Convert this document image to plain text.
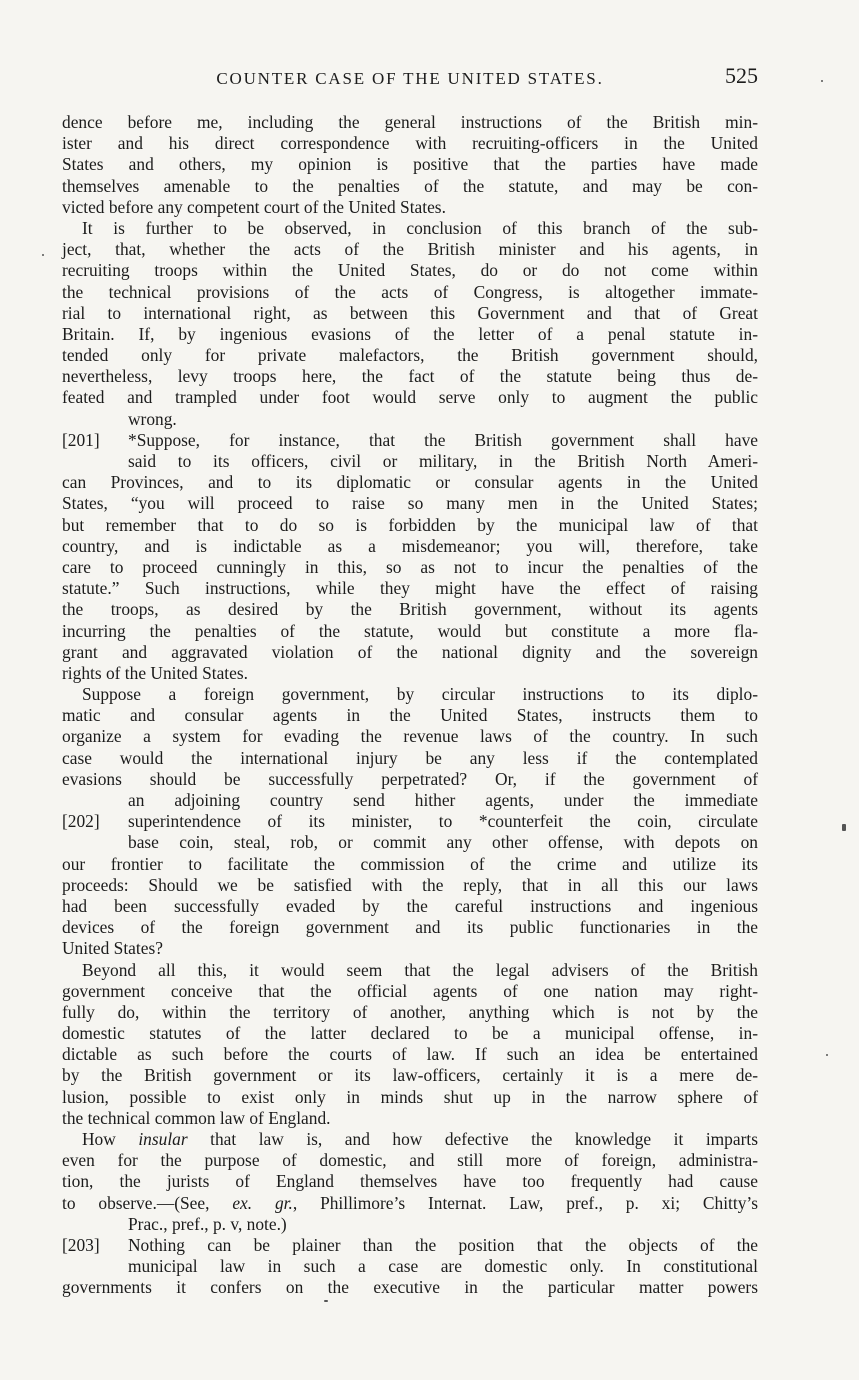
COUNTER CASE OF THE UNITED STATES.	525
dence before me, including the general instructions of the British min-
ister and his direct correspondence with recruiting-officers in the United
States and others, my opinion is positive that the parties have made
themselves amenable to the penalties of the statute, and may be con-
victed before any competent court of the United States.
It is further to be observed, in conclusion of this branch of the sub-
ject, that, whether the acts of the British minister and his agents, in
recruiting troops within the United States, do or do not come within
the technical provisions of the acts of Congress, is altogether immate-
rial to international right, as between this Government and that of Great
Britain. If, by ingenious evasions of the letter of a penal statute in-
tended only for private malefactors, the British government should,
nevertheless, levy troops here, the fact of the statute being thus de-
feated and trampled under foot would serve only to augment the public
wrong.
[201]	*Suppose, for instance, that the British government shall have
said to its officers, civil or military, in the British North Ameri-
can Provinces, and to its diplomatic or consular agents in the United
States, “you will proceed to raise so many men in the United States;
but remember that to do so is forbidden by the municipal law of that
country, and is indictable as a misdemeanor; you will, therefore, take
care to proceed cunningly in this, so as not to incur the penalties of the
statute.” Such instructions, while they might have the effect of raising
the troops, as desired by the British government, without its agents
incurring the penalties of the statute, would but constitute a more fla-
grant and aggravated violation of the national dignity and the sovereign
rights of the United States.
Suppose a foreign government, by circular instructions to its diplo-
matic and consular agents in the United States, instructs them to
organize a system for evading the revenue laws of the country. In such
case would the international injury be any less if the contemplated
evasions should be successfully perpetrated? Or, if the government of
an adjoining country send hither agents, under the immediate
[202]	superintendence of its minister, to *counterfeit the coin, circulate
base coin, steal, rob, or commit any other offense, with depots on
our frontier to facilitate the commission of the crime and utilize its
proceeds: Should we be satisfied with the reply, that in all this our laws
had been successfully evaded by the careful instructions and ingenious
devices of the foreign government and its public functionaries in the
United States?
Beyond all this, it would seem that the legal advisers of the British
government conceive that the official agents of one nation may right-
fully do, within the territory of another, anything which is not by the
domestic statutes of the latter declared to be a municipal offense, in-
dictable as such before the courts of law. If such an idea be entertained
by the British government or its law-officers, certainly it is a mere de-
lusion, possible to exist only in minds shut up in the narrow sphere of
the technical common law of England.
How insular that law is, and how defective the knowledge it imparts
even for the purpose of domestic, and still more of foreign, administra-
tion, the jurists of England themselves have too frequently had cause
to observe.—(See, ex. gr., Phillimore’s Internat. Law, pref., p. xi; Chitty’s
Prac., pref., p. v, note.)
[203]	Nothing can be plainer than the position that the objects of the
municipal law in such a case are domestic only. In constitutional
governments it confers on the executive in the particular matter powers
